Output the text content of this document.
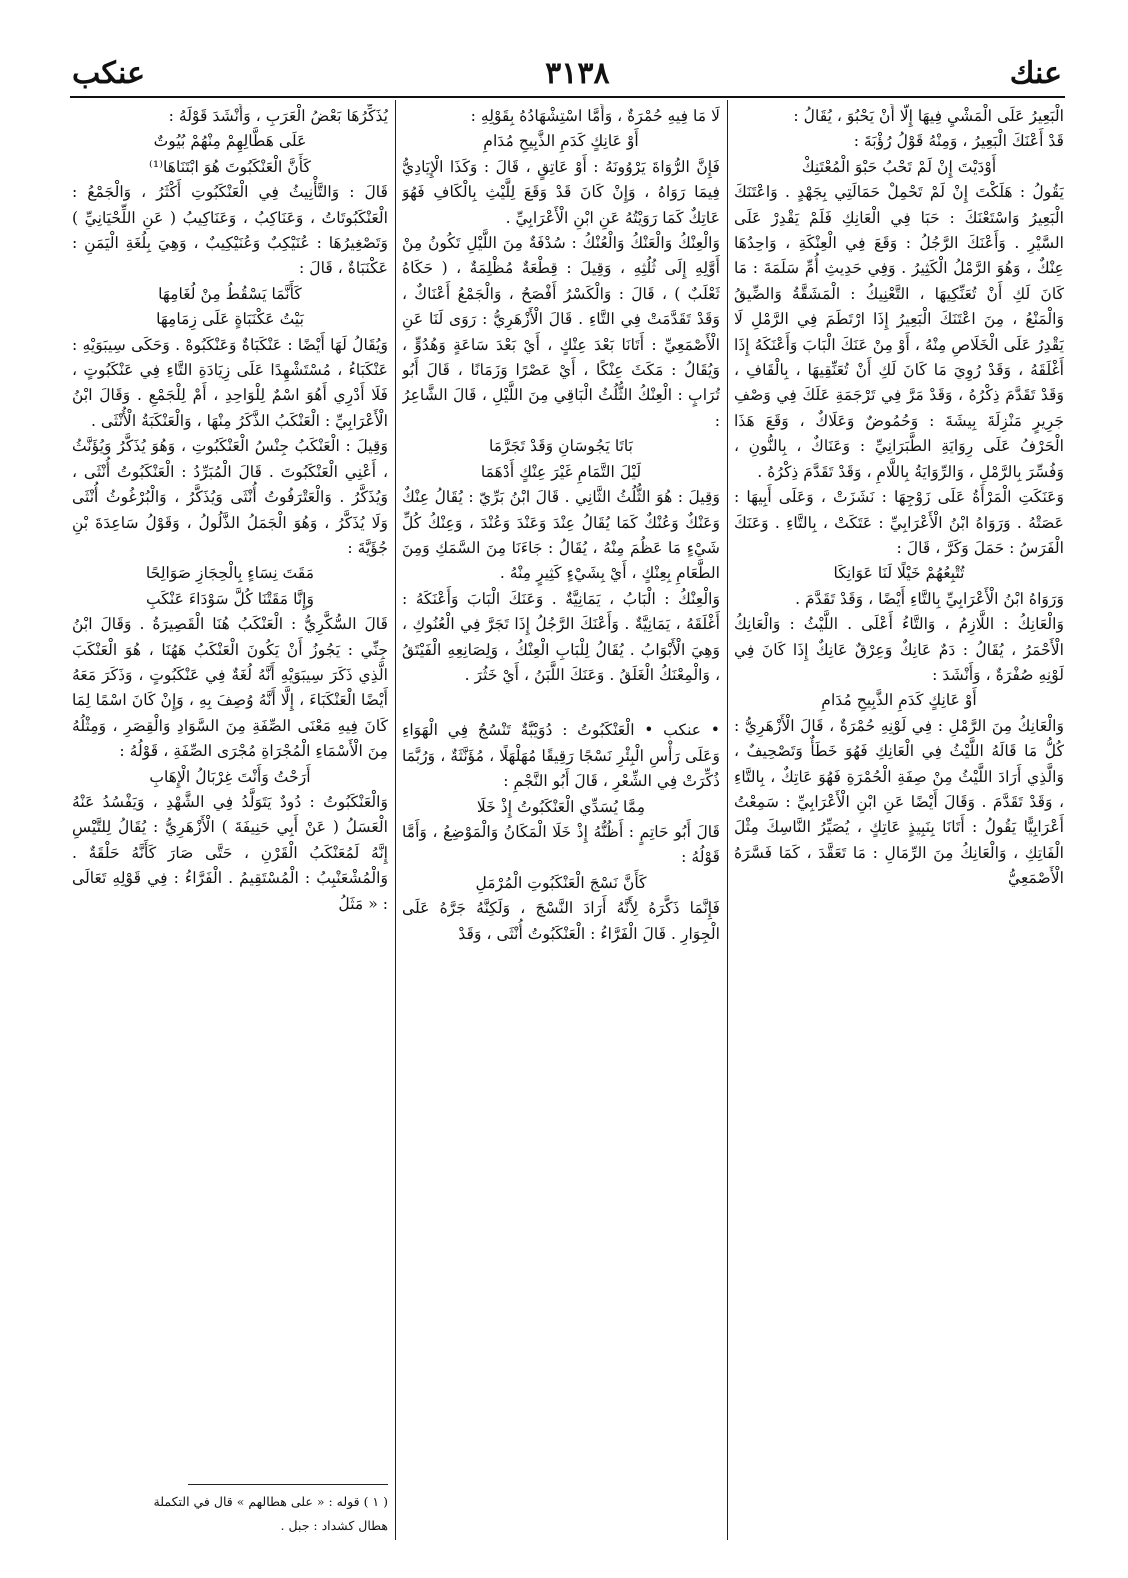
عنك
٣١٣٨
عنكب

الْبَعِيرُ عَلَى الْمَشْيِ فِيهَا إِلَّا أَنْ يَحْبُوَ ، يُقَالُ :

قَدْ أَعْنَكَ الْبَعِيرُ ، وَمِنْهُ قَوْلُ رُؤْبَةَ :

أَوْدَيْتَ إِنْ لَمْ تَحْبُ حَبْوَ الْمُعْتَنِكْ

يَقُولُ : هَلَكْتَ إِنْ لَمْ تَحْمِلْ حَمَالَتِي بِجَهْدٍ . وَاعْتَنَكَ الْبَعِيرُ وَاسْتَعْنَكَ : حَبَا فِي الْعَانِكِ فَلَمْ يَقْدِرْ عَلَى السَّيْرِ . وَأَعْنَكَ الرَّجُلُ : وَقَعَ فِي الْعِنْكَةِ ، وَاحِدُهَا عِنْكٌ ، وَهُوَ الرَّمْلُ الْكَثِيرُ . وَفِي حَدِيثِ أُمِّ سَلَمَةَ : مَا كَانَ لَكِ أَنْ تُعَنِّكِيهَا ، التَّعْنِيكُ : الْمَشَقَّةُ وَالضِّيقُ وَالْمَنْعُ ، مِنَ اعْتَنَكَ الْبَعِيرُ إِذَا ارْتَطَمَ فِي الرَّمْلِ لَا يَقْدِرُ عَلَى الْخَلَاصِ مِنْهُ ، أَوْ مِنْ عَنَكَ الْبَابَ وَأَعْنَكَهُ إِذَا أَغْلَقَهُ ، وَقَدْ رُوِيَ مَا كَانَ لَكِ أَنْ تُعَنِّقِيهَا ، بِالْقَافِ ، وَقَدْ تَقَدَّمَ ذِكْرُهُ ، وَقَدْ مَرَّ فِي تَرْجَمَةِ عَلَكَ فِي وَصْفِ جَرِيرٍ مَنْزِلَةَ بِيشَةَ : وَحُمُوضٌ وَعَلَاكٌ ، وَقَعَ هَذَا الْحَرْفُ عَلَى رِوَايَةِ الطَّبَرَانِيِّ : وَعَنَاكٌ ، بِالنُّونِ ، وَفُسِّرَ بِالرَّمْلِ ، وَالرِّوَايَةُ بِاللَّامِ ، وَقَدْ تَقَدَّمَ ذِكْرُهُ .

وَعَنَكَتِ الْمَرْأَةُ عَلَى زَوْجِهَا : نَشَزَتْ ، وَعَلَى أَبِيهَا : عَصَتْهُ . وَرَوَاهُ ابْنُ الْأَعْرَابِيِّ : عَتَكَتْ ، بِالتَّاءِ . وَعَنَكَ الْفَرَسُ : حَمَلَ وَكَرَّ ، قَالَ :

تُتْبِعُهُمْ خَيْلًا لَنَا عَوَانِكَا

وَرَوَاهُ ابْنُ الْأَعْرَابِيِّ بِالتَّاءِ أَيْضًا ، وَقَدْ تَقَدَّمَ .

وَالْعَانِكُ : اللَّازِمُ ، وَالتَّاءُ أَعْلَى . اللَّيْثُ : وَالْعَانِكُ الْأَحْمَرُ ، يُقَالُ : دَمٌ عَانِكٌ وَعِرْقٌ عَانِكٌ إِذَا كَانَ فِي لَوْنِهِ صُفْرَةٌ ، وَأَنْشَدَ :

أَوْ عَانِكٍ كَدَمِ الذَّبِيحِ مُدَامِ

وَالْعَانِكُ مِنَ الرَّمْلِ : فِي لَوْنِهِ حُمْرَةٌ ، قَالَ الْأَزْهَرِيُّ : كُلُّ مَا قَالَهُ اللَّيْثُ فِي الْعَانِكِ فَهُوَ خَطَأٌ وَتَصْحِيفٌ ، وَالَّذِي أَرَادَ اللَّيْثُ مِنْ صِفَةِ الْحُمْرَةِ فَهُوَ عَاتِكٌ ، بِالتَّاءِ ، وَقَدْ تَقَدَّمَ . وَقَالَ أَيْضًا عَنِ ابْنِ الْأَعْرَابِيِّ : سَمِعْتُ أَعْرَابِيًّا يَقُولُ : أَتَانَا بِنَبِيذٍ عَاتِكٍ ، يُصَيِّرُ النَّاسِكَ مِثْلَ الْفَاتِكِ ، وَالْعَانِكُ مِنَ الرِّمَالِ : مَا تَعَقَّدَ ، كَمَا فَسَّرَهُ الْأَصْمَعِيُّ

لَا مَا فِيهِ حُمْرَةٌ ، وَأَمَّا اسْتِشْهَادُهُ بِقَوْلِهِ :

أَوْ عَانِكٍ كَدَمِ الذَّبِيحِ مُدَامِ

فَإِنَّ الرُّوَاةَ يَرْوُونَهُ : أَوْ عَاتِقٍ ، قَالَ : وَكَذَا الْإِيَادِيُّ فِيمَا رَوَاهُ ، وَإِنْ كَانَ قَدْ وَقَعَ لِلَّيْثِ بِالْكَافِ فَهُوَ عَاتِكٌ كَمَا رَوَيْتُهُ عَنِ ابْنِ الْأَعْرَابِيِّ .

وَالْعِنْكُ وَالْعَنْكُ وَالْعُنْكُ : سُدْفَةٌ مِنَ اللَّيْلِ تَكُونُ مِنْ أَوَّلِهِ إِلَى ثُلُثِهِ ، وَقِيلَ : قِطْعَةٌ مُظْلِمَةٌ ، ( حَكَاهُ ثَعْلَبٌ ) ، قَالَ : وَالْكَسْرُ أَفْصَحُ ، وَالْجَمْعُ أَعْنَاكٌ ، وَقَدْ تَقَدَّمَتْ فِي التَّاءِ . قَالَ الْأَزْهَرِيُّ : رَوَى لَنَا عَنِ الْأَصْمَعِيِّ : أَتَانَا بَعْدَ عِنْكٍ ، أَيْ بَعْدَ سَاعَةٍ وَهُدُوٍّ ، وَيُقَالُ : مَكَثَ عِنْكًا ، أَيْ عَصْرًا وَزَمَانًا ، قَالَ أَبُو تُرَابٍ : الْعِنْكُ الثُّلُثُ الْبَاقِي مِنَ اللَّيْلِ ، قَالَ الشَّاعِرُ :

بَاتَا يَجُوسَانِ وَقَدْ تَجَرَّمَا

لَيْلَ التَّمَامِ غَيْرَ عِنْكٍ أَدْهَمَا

وَقِيلَ : هُوَ الثُّلُثُ الثَّانِي . قَالَ ابْنُ بَرِّيّ : يُقَالُ عِنْكٌ وَعَنْكٌ وَعُنْكٌ كَمَا يُقَالُ عِنْدَ وَعَنْدَ وَعُنْدَ ، وَعِنْكُ كُلِّ شَيْءٍ مَا عَظُمَ مِنْهُ ، يُقَالُ : جَاءَنَا مِنَ السَّمَكِ وَمِنَ الطَّعَامِ بِعِنْكٍ ، أَيْ بِشَيْءٍ كَثِيرٍ مِنْهُ .

وَالْعِنْكُ : الْبَابُ ، يَمَانِيَّةٌ . وَعَنَكَ الْبَابَ وَأَعْنَكَهُ : أَغْلَقَهُ ، يَمَانِيَّةٌ . وَأَعْنَكَ الرَّجُلُ إِذَا تَجَرَّ فِي الْعُنُوكِ ، وَهِيَ الْأَبْوَابُ . يُقَالُ لِلْبَابِ الْعِنْكُ ، وَلِصَانِعِهِ الْفَيْتَقُ ، وَالْمِعْنَكُ الْغَلَقُ . وَعَنَكَ اللَّبَنُ ، أَيْ خَثُرَ .

• عنكب • الْعَنْكَبُوتُ : دُوَيْبَّةٌ تَنْسُجُ فِي الْهَوَاءِ وَعَلَى رَأْسِ الْبِئْرِ نَسْجًا رَقِيقًا مُهَلْهَلًا ، مُؤَنَّثَةٌ ، وَرُبَّمَا ذُكِّرَتْ فِي الشِّعْرِ ، قَالَ أَبُو النَّجْمِ :

مِمَّا يُسَدِّي الْعَنْكَبُوتُ إِذْ خَلَا

قَالَ أَبُو حَاتِمٍ : أَظُنُّهُ إِذْ خَلَا الْمَكَانُ وَالْمَوْضِعُ ، وَأَمَّا قَوْلُهُ :

كَأَنَّ نَسْجَ الْعَنْكَبُوتِ الْمُرْمَلِ

فَإِنَّمَا ذَكَّرَهُ لِأَنَّهُ أَرَادَ النَّسْجَ ، وَلَكِنَّهُ جَرَّهُ عَلَى الْجِوَارِ . قَالَ الْفَرَّاءُ : الْعَنْكَبُوتُ أُنْثَى ، وَقَدْ

يُذَكِّرُهَا بَعْضُ الْعَرَبِ ، وَأَنْشَدَ قَوْلَهُ :

عَلَى هَطَّالِهِمْ مِنْهُمْ بُيُوتٌ

كَأَنَّ الْعَنْكَبُوتَ هُوَ ابْتَنَاهَا⁽¹⁾

قَالَ : وَالتَّأْنِيثُ فِي الْعَنْكَبُوتِ أَكْثَرُ ، وَالْجَمْعُ : الْعَنْكَبُوتَاتُ ، وَعَنَاكِبُ ، وَعَنَاكِيبُ ( عَنِ اللِّحْيَانِيِّ ) وَتَصْغِيرُهَا : عُنَيْكِبٌ وَعُنَيْكِيبٌ ، وَهِيَ بِلُغَةِ الْيَمَنِ : عَكْنَبَاةٌ ، قَالَ :

كَأَنَّمَا يَسْقُطُ مِنْ لُغَامِهَا

بَيْتُ عَكْنَبَاةٍ عَلَى زِمَامِهَا

وَيُقَالُ لَهَا أَيْضًا : عَنْكَبَاةٌ وَعَنْكَبُوهْ . وَحَكَى سِيبَوَيْهِ : عَنْكَبَاءُ ، مُسْتَشْهِدًا عَلَى زِيَادَةِ التَّاءِ فِي عَنْكَبُوتٍ ، فَلَا أَدْرِي أَهُوَ اسْمٌ لِلْوَاحِدِ ، أَمْ لِلْجَمْعِ . وَقَالَ ابْنُ الْأَعْرَابِيِّ : الْعَنْكَبُ الذَّكَرُ مِنْهَا ، وَالْعَنْكَبَةُ الْأُنْثَى .

وَقِيلَ : الْعَنْكَبُ جِنْسُ الْعَنْكَبُوتِ ، وَهُوَ يُذَكَّرُ وَيُؤَنَّثُ ، أَعْنِي الْعَنْكَبُوتَ . قَالَ الْمُبَرِّدُ : الْعَنْكَبُوتُ أُنْثَى ، وَيُذَكَّرُ . وَالْعَتْرَفُوتُ أُنْثَى وَيُذَكَّرُ ، وَالْبُرْغُوثُ أُنْثَى وَلَا يُذَكَّرُ ، وَهُوَ الْجَمَلُ الذَّلُولُ ، وَقَوْلُ سَاعِدَةَ بْنِ جُؤَيَّةَ :

مَقَتَ نِسَاءٍ بِالْحِجَازِ صَوَالِحًا

وَإِنَّا مَقَتْنَا كُلَّ سَوْدَاءَ عَنْكَبِ

قَالَ السُّكَّرِيُّ : الْعَنْكَبُ هُنَا الْقَصِيرَةُ . وَقَالَ ابْنُ جِنِّي : يَجُوزُ أَنْ يَكُونَ الْعَنْكَبُ هَهُنَا ، هُوَ الْعَنْكَبَ الَّذِي ذَكَرَ سِيبَوَيْهِ أَنَّهُ لُغَةٌ فِي عَنْكَبُوتٍ ، وَذَكَرَ مَعَهُ أَيْضًا الْعَنْكَبَاءَ ، إِلَّا أَنَّهُ وُصِفَ بِهِ ، وَإِنْ كَانَ اسْمًا لِمَا كَانَ فِيهِ مَعْنَى الصِّفَةِ مِنَ السَّوَادِ وَالْقِصَرِ ، وَمِثْلُهُ مِنَ الْأَسْمَاءِ الْمُجْرَاةِ مُجْرَى الصِّفَةِ ، قَوْلُهُ :

أَرَحْتُ وَأَنْتَ غِرْبَالُ الْإِهَابِ

وَالْعَنْكَبُوتُ : دُودٌ يَتَوَلَّدُ فِي الشَّهْدِ ، وَيَفْسُدُ عَنْهُ الْعَسَلُ ( عَنْ أَبِي حَنِيفَةَ ) الْأَزْهَرِيُّ : يُقَالُ لِلتَّيْسِ إِنَّهُ لَمُعَنْكَبُ الْقَرْنِ ، حَتَّى صَارَ كَأَنَّهُ حَلْقَةٌ . وَالْمُشْعَنْبِبُ : الْمُسْتَقِيمُ . الْفَرَّاءُ : فِي قَوْلِهِ تَعَالَى : « مَثَلُ

( ١ ) قوله : « على هطالهم » قال في التكملة

هطال كشداد : جبل .
